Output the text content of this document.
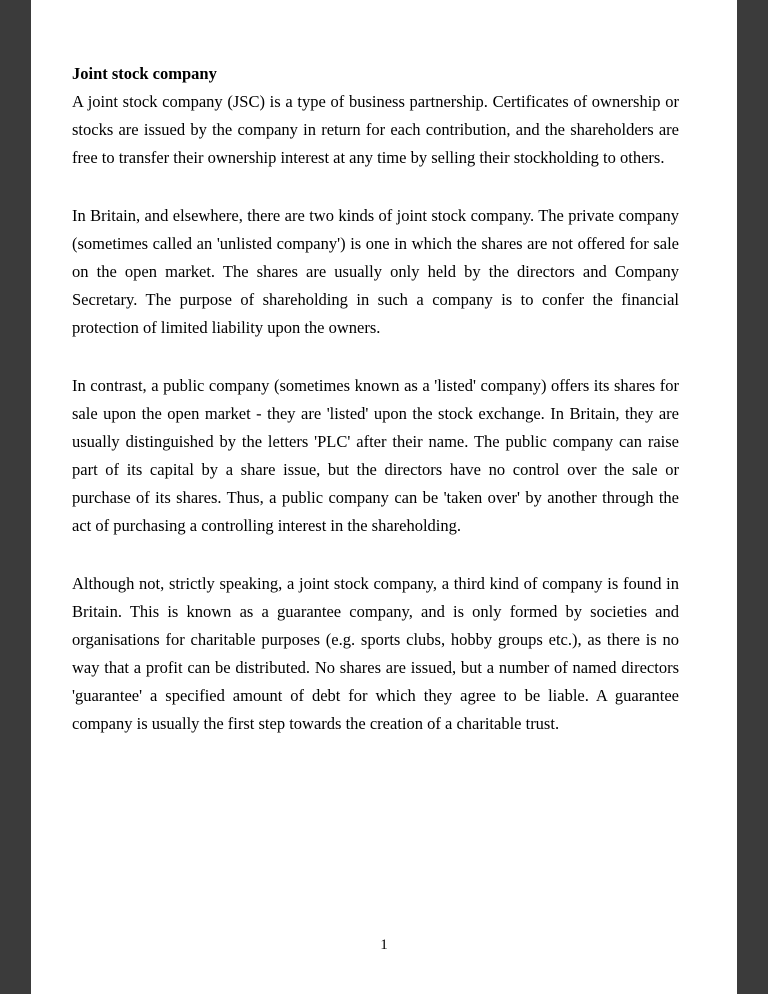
Joint stock company

A joint stock company (JSC) is a type of business partnership. Certificates of ownership or stocks are issued by the company in return for each contribution, and the shareholders are free to transfer their ownership interest at any time by selling their stockholding to others.

In Britain, and elsewhere, there are two kinds of joint stock company. The private company (sometimes called an 'unlisted company') is one in which the shares are not offered for sale on the open market. The shares are usually only held by the directors and Company Secretary. The purpose of shareholding in such a company is to confer the financial protection of limited liability upon the owners.

In contrast, a public company (sometimes known as a 'listed' company) offers its shares for sale upon the open market - they are 'listed' upon the stock exchange. In Britain, they are usually distinguished by the letters 'PLC' after their name. The public company can raise part of its capital by a share issue, but the directors have no control over the sale or purchase of its shares. Thus, a public company can be 'taken over' by another through the act of purchasing a controlling interest in the shareholding.

Although not, strictly speaking, a joint stock company, a third kind of company is found in Britain. This is known as a guarantee company, and is only formed by societies and organisations for charitable purposes (e.g. sports clubs, hobby groups etc.), as there is no way that a profit can be distributed. No shares are issued, but a number of named directors 'guarantee' a specified amount of debt for which they agree to be liable. A guarantee company is usually the first step towards the creation of a charitable trust.

1
